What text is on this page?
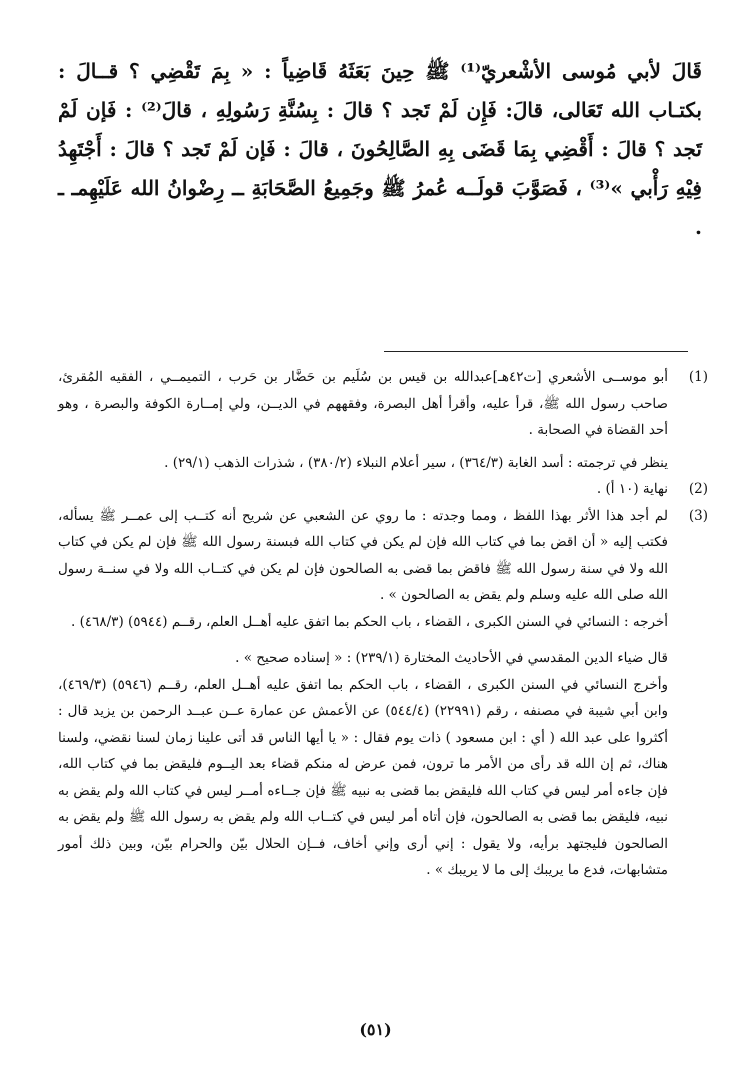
قَالَ لأبي مُوسى الأشْعريّ⁽¹⁾ ﷺ حِينَ بَعَثَهُ قَاضِياً : « بِمَ تَقْضِي ؟ قــالَ : بكتـاب الله تَعَالى، قالَ: فَإِن لَمْ تَجد ؟ قالَ : بِسُنَّةِ رَسُولِهِ ، قالَ⁽²⁾ : فَإن لَمْ تَجد ؟ قالَ : أَقْضِي بِمَا قَضَى بِهِ الصَّالِحُونَ ، قالَ : فَإن لَمْ تَجد ؟ قالَ : أَجْتَهِدُ فِيْهِ رَأْبي »⁽³⁾ ، فَصَوَّبَ قولَــه عُمرُ ﷺ وجَمِيعُ الصَّحَابَةِ ــ رِضْوانُ الله عَلَيْهِمـ ـ .
(1)

أبو موســى الأشعري [ت٤٢هـ]عبدالله بن قيس بن سُلَيم بن حَضَّار بن حَرب ، التميمــي ، الفقيه المُقرئ، صاحب رسول الله ﷺ، قرأ عليه، وأقرأ أهل البصرة، وفقههم في الديــن، ولي إمــارة الكوفة والبصرة ، وهو أحد القضاة في الصحابة .

ينظر في ترجمته : أسد الغابة (٣٦٤/٣) ، سير أعلام النبلاء (٣٨٠/٢) ، شذرات الذهب (٢٩/١) .

(2)

نهاية (١٠ أ) .

(3)

لم أجد هذا الأثر بهذا اللفظ ، ومما وجدته : ما روي عن الشعبي عن شريح أنه كتــب إلى عمــر ﷺ يسأله، فكتب إليه « أن اقض بما في كتاب الله فإن لم يكن في كتاب الله فبسنة رسول الله ﷺ فإن لم يكن في كتاب الله ولا في سنة رسول الله ﷺ فاقض بما قضى به الصالحون فإن لم يكن في كتــاب الله ولا في سنــة رسول الله صلى الله عليه وسلم ولم يقض به الصالحون » .

أخرجه : النسائي في السنن الكبرى ، القضاء ، باب الحكم بما اتفق عليه أهــل العلم، رقــم (٥٩٤٤) (٤٦٨/٣) .

قال ضياء الدين المقدسي في الأحاديث المختارة (٢٣٩/١) : « إسناده صحيح » .

وأخرج النسائي في السنن الكبرى ، القضاء ، باب الحكم بما اتفق عليه أهــل العلم، رقــم (٥٩٤٦) (٤٦٩/٣)، وابن أبي شيبة في مصنفه ، رقم (٢٢٩٩١) (٥٤٤/٤) عن الأعمش عن عمارة عــن عبــد الرحمن بن يزيد قال : أكثروا على عبد الله ( أي : ابن مسعود ) ذات يوم فقال : « يا أيها الناس قد أتى علينا زمان لسنا نقضي، ولسنا هناك، ثم إن الله قد رأى من الأمر ما ترون، فمن عرض له منكم قضاء بعد اليــوم فليقض بما في كتاب الله، فإن جاءه أمر ليس في كتاب الله فليقض بما قضى به نبيه ﷺ فإن جــاءه أمــر ليس في كتاب الله ولم يقض به نبيه، فليقض بما قضى به الصالحون، فإن أتاه أمر ليس في كتــاب الله ولم يقض به رسول الله ﷺ ولم يقض به الصالحون فليجتهد برأيه، ولا يقول : إني أرى وإني أخاف، فــإن الحلال بيّن والحرام بيّن، وبين ذلك أمور متشابهات، فدع ما يريبك إلى ما لا يريبك » .

(٥١)
